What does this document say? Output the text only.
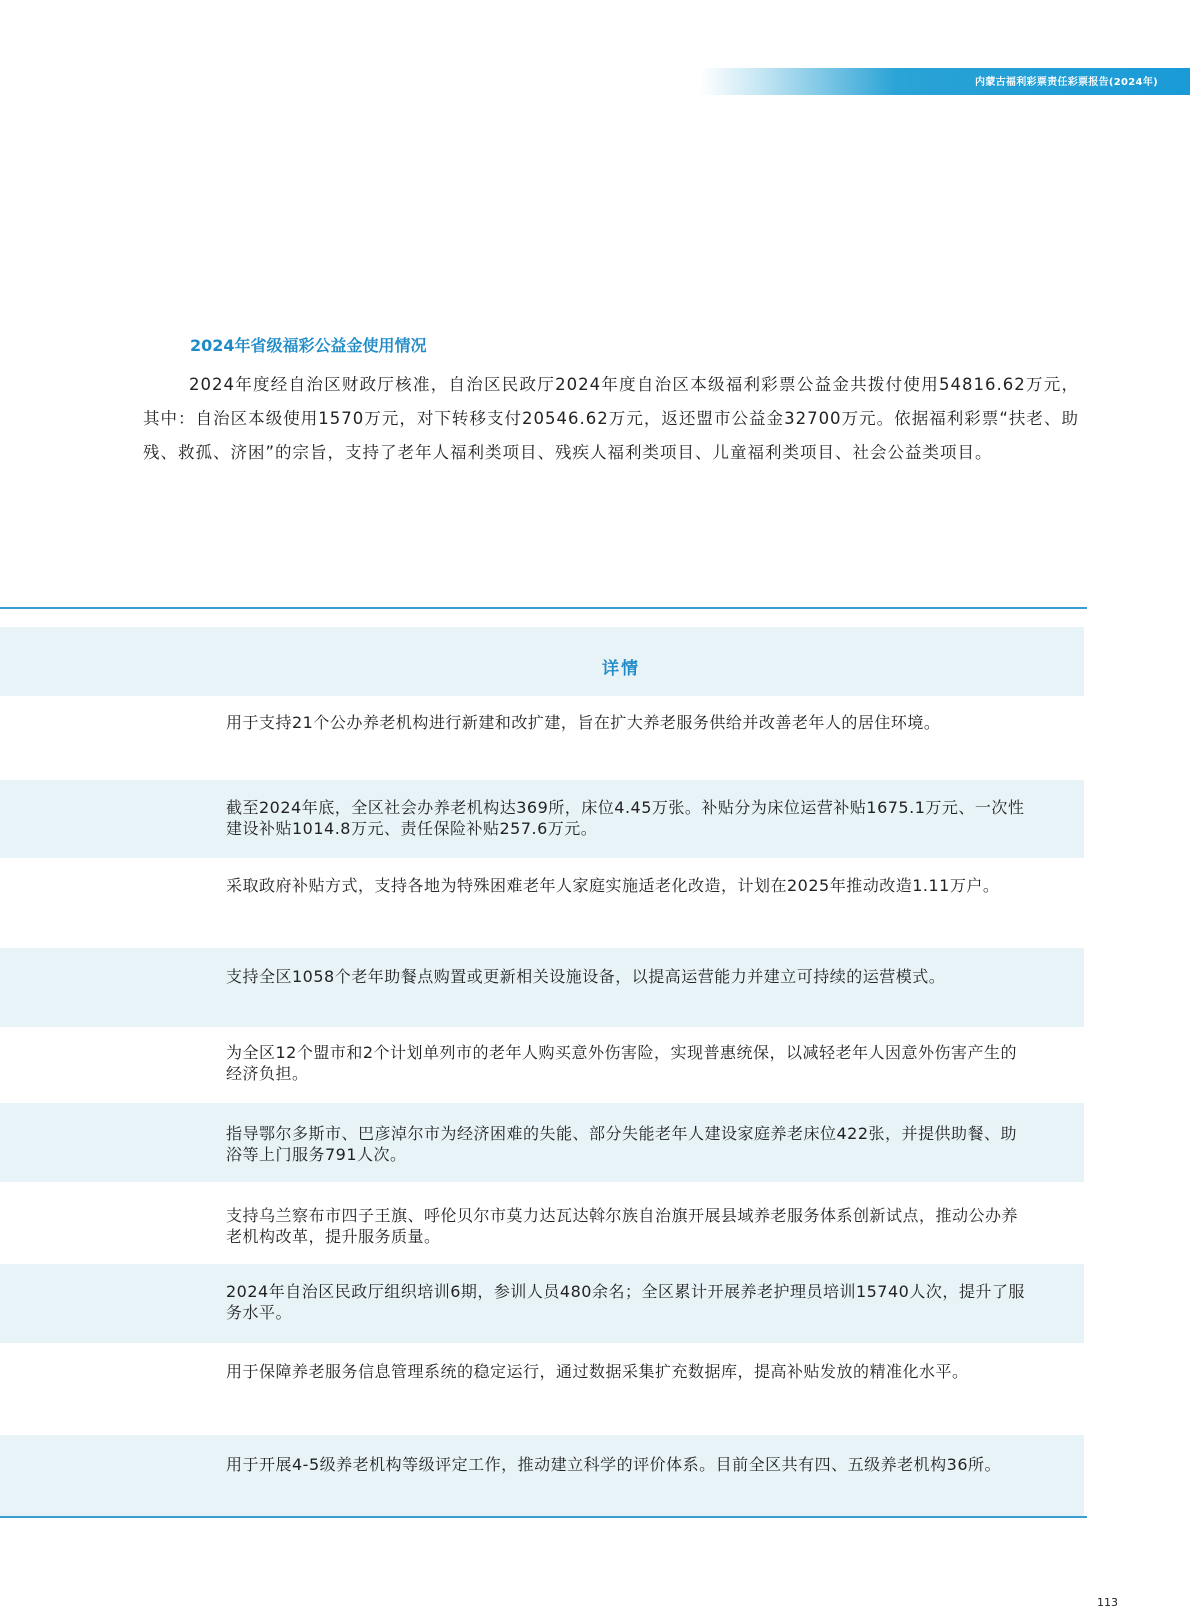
内蒙古福利彩票责任彩票报告(2024年)
2024年省级福彩公益金使用情况

2024年度经自治区财政厅核准，自治区民政厅2024年度自治区本级福利彩票公益金共拨付使用54816.62万元，其中：自治区本级使用1570万元，对下转移支付20546.62万元，返还盟市公益金32700万元。依据福利彩票“扶老、助残、救孤、济困”的宗旨，支持了老年人福利类项目、残疾人福利类项目、儿童福利类项目、社会公益类项目。

详情
用于支持21个公办养老机构进行新建和改扩建，旨在扩大养老服务供给并改善老年人的居住环境。
截至2024年底，全区社会办养老机构达369所，床位4.45万张。补贴分为床位运营补贴1675.1万元、一次性建设补贴1014.8万元、责任保险补贴257.6万元。
采取政府补贴方式，支持各地为特殊困难老年人家庭实施适老化改造，计划在2025年推动改造1.11万户。
支持全区1058个老年助餐点购置或更新相关设施设备，以提高运营能力并建立可持续的运营模式。
为全区12个盟市和2个计划单列市的老年人购买意外伤害险，实现普惠统保，以减轻老年人因意外伤害产生的经济负担。
指导鄂尔多斯市、巴彦淖尔市为经济困难的失能、部分失能老年人建设家庭养老床位422张，并提供助餐、助浴等上门服务791人次。
支持乌兰察布市四子王旗、呼伦贝尔市莫力达瓦达斡尔族自治旗开展县域养老服务体系创新试点，推动公办养老机构改革，提升服务质量。
2024年自治区民政厅组织培训6期，参训人员480余名；全区累计开展养老护理员培训15740人次，提升了服务水平。
用于保障养老服务信息管理系统的稳定运行，通过数据采集扩充数据库，提高补贴发放的精准化水平。
用于开展4-5级养老机构等级评定工作，推动建立科学的评价体系。目前全区共有四、五级养老机构36所。
113
